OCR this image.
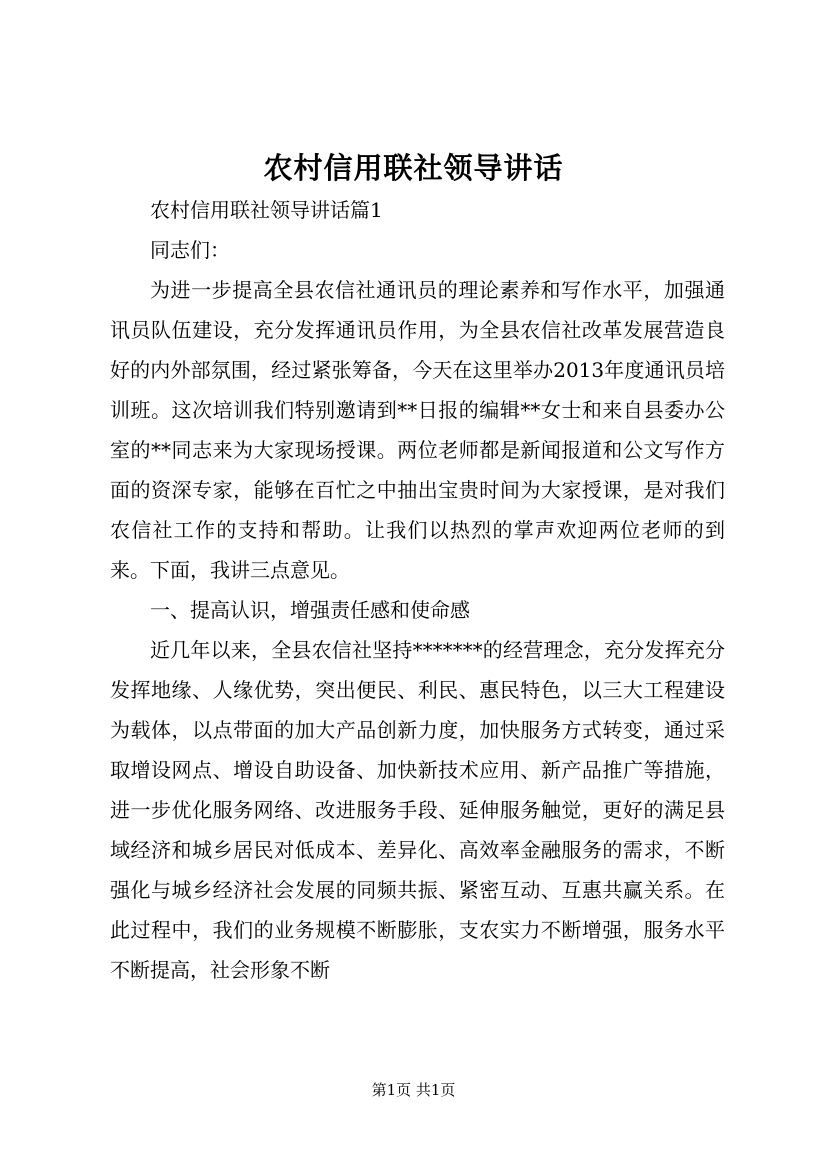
农村信用联社领导讲话

农村信用联社领导讲话篇1

同志们：

为进一步提高全县农信社通讯员的理论素养和写作水平，加强通讯员队伍建设，充分发挥通讯员作用，为全县农信社改革发展营造良好的内外部氛围，经过紧张筹备，今天在这里举办2013年度通讯员培训班。这次培训我们特别邀请到**日报的编辑**女士和来自县委办公室的**同志来为大家现场授课。两位老师都是新闻报道和公文写作方面的资深专家，能够在百忙之中抽出宝贵时间为大家授课，是对我们农信社工作的支持和帮助。让我们以热烈的掌声欢迎两位老师的到来。下面，我讲三点意见。

一、提高认识，增强责任感和使命感

近几年以来，全县农信社坚持*******的经营理念，充分发挥充分发挥地缘、人缘优势，突出便民、利民、惠民特色，以三大工程建设为载体，以点带面的加大产品创新力度，加快服务方式转变，通过采取增设网点、增设自助设备、加快新技术应用、新产品推广等措施，进一步优化服务网络、改进服务手段、延伸服务触觉，更好的满足县域经济和城乡居民对低成本、差异化、高效率金融服务的需求，不断强化与城乡经济社会发展的同频共振、紧密互动、互惠共赢关系。在此过程中，我们的业务规模不断膨胀，支农实力不断增强，服务水平不断提高，社会形象不断

第1页 共1页
